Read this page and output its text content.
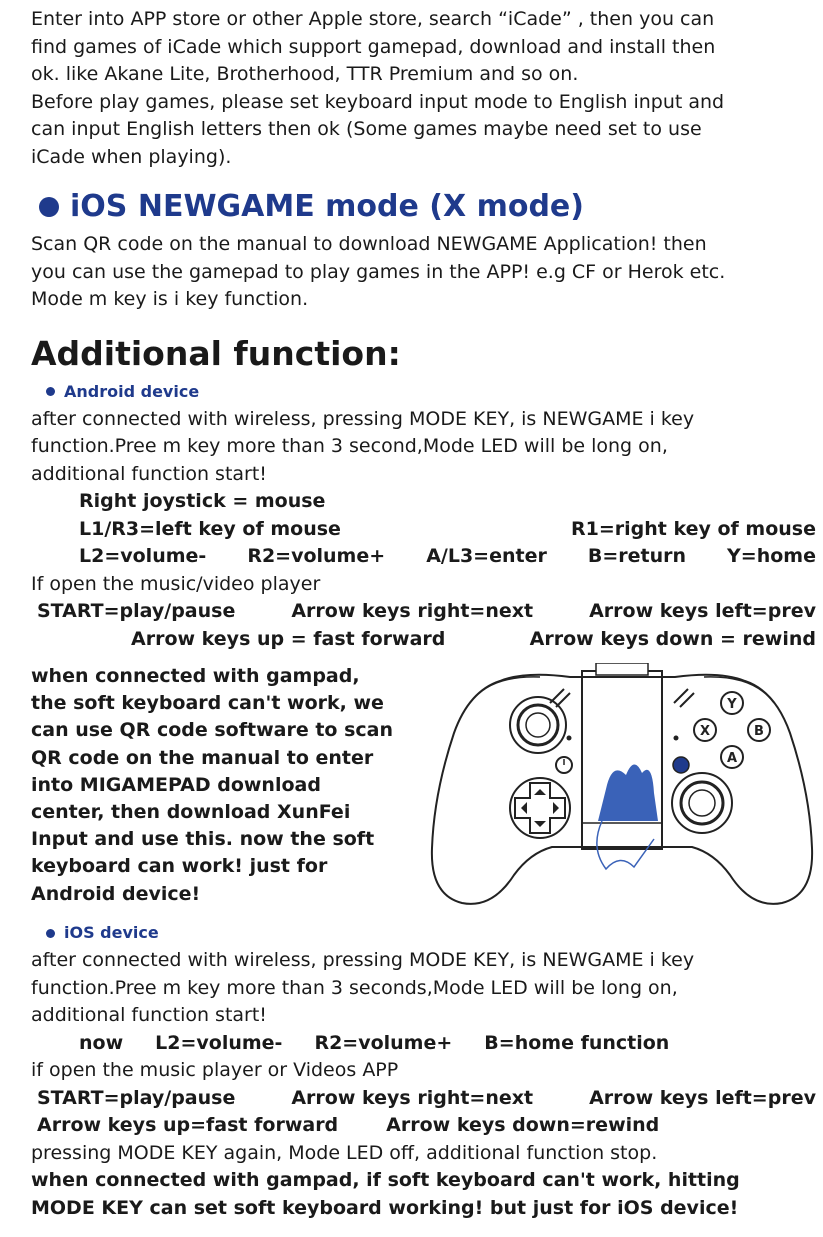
Enter into APP store or other Apple store, search “iCade” , then you can

find games of iCade which support gamepad, download and install then

ok. like Akane Lite, Brotherhood, TTR Premium and so on.

Before play games, please set keyboard input mode to English input and

can input English letters then ok (Some games maybe need set to use

iCade when playing).

iOS NEWGAME mode (X mode)

Scan QR code on the manual to download NEWGAME Application! then

you can use the gamepad to play games in the APP! e.g CF or Herok etc.

Mode m key is i key function.

Additional function:
Android device

after connected with wireless, pressing MODE KEY, is NEWGAME i key

function.Pree m key more than 3 second,Mode LED will be long on,

additional function start!

Right joystick = mouse
L1/R3=left key of mouse	R1=right key of mouse
L2=volume- R2=volume+ A/L3=enter B=return Y=home

If open the music/video player

START=play/pause	Arrow keys right=next	Arrow keys left=prev
Arrow keys up = fast forward	Arrow keys down = rewind
when connected with gampad,
the soft keyboard can't work, we
can use QR code software to scan
QR code on the manual to enter
into MIGAMEPAD download
center, then download XunFei
Input and use this. now the soft
keyboard can work! just for
Android device!
Y
X	B
A
iOS device

after connected with wireless, pressing MODE KEY, is NEWGAME i key

function.Pree m key more than 3 seconds,Mode LED will be long on,

additional function start!

now L2=volume- R2=volume+ B=home function

if open the music player or Videos APP

START=play/pause	Arrow keys right=next	Arrow keys left=prev
Arrow keys up=fast forward	Arrow keys down=rewind

pressing MODE KEY again, Mode LED off, additional function stop.

when connected with gampad, if soft keyboard can't work, hitting
MODE KEY can set soft keyboard working! but just for iOS device!
